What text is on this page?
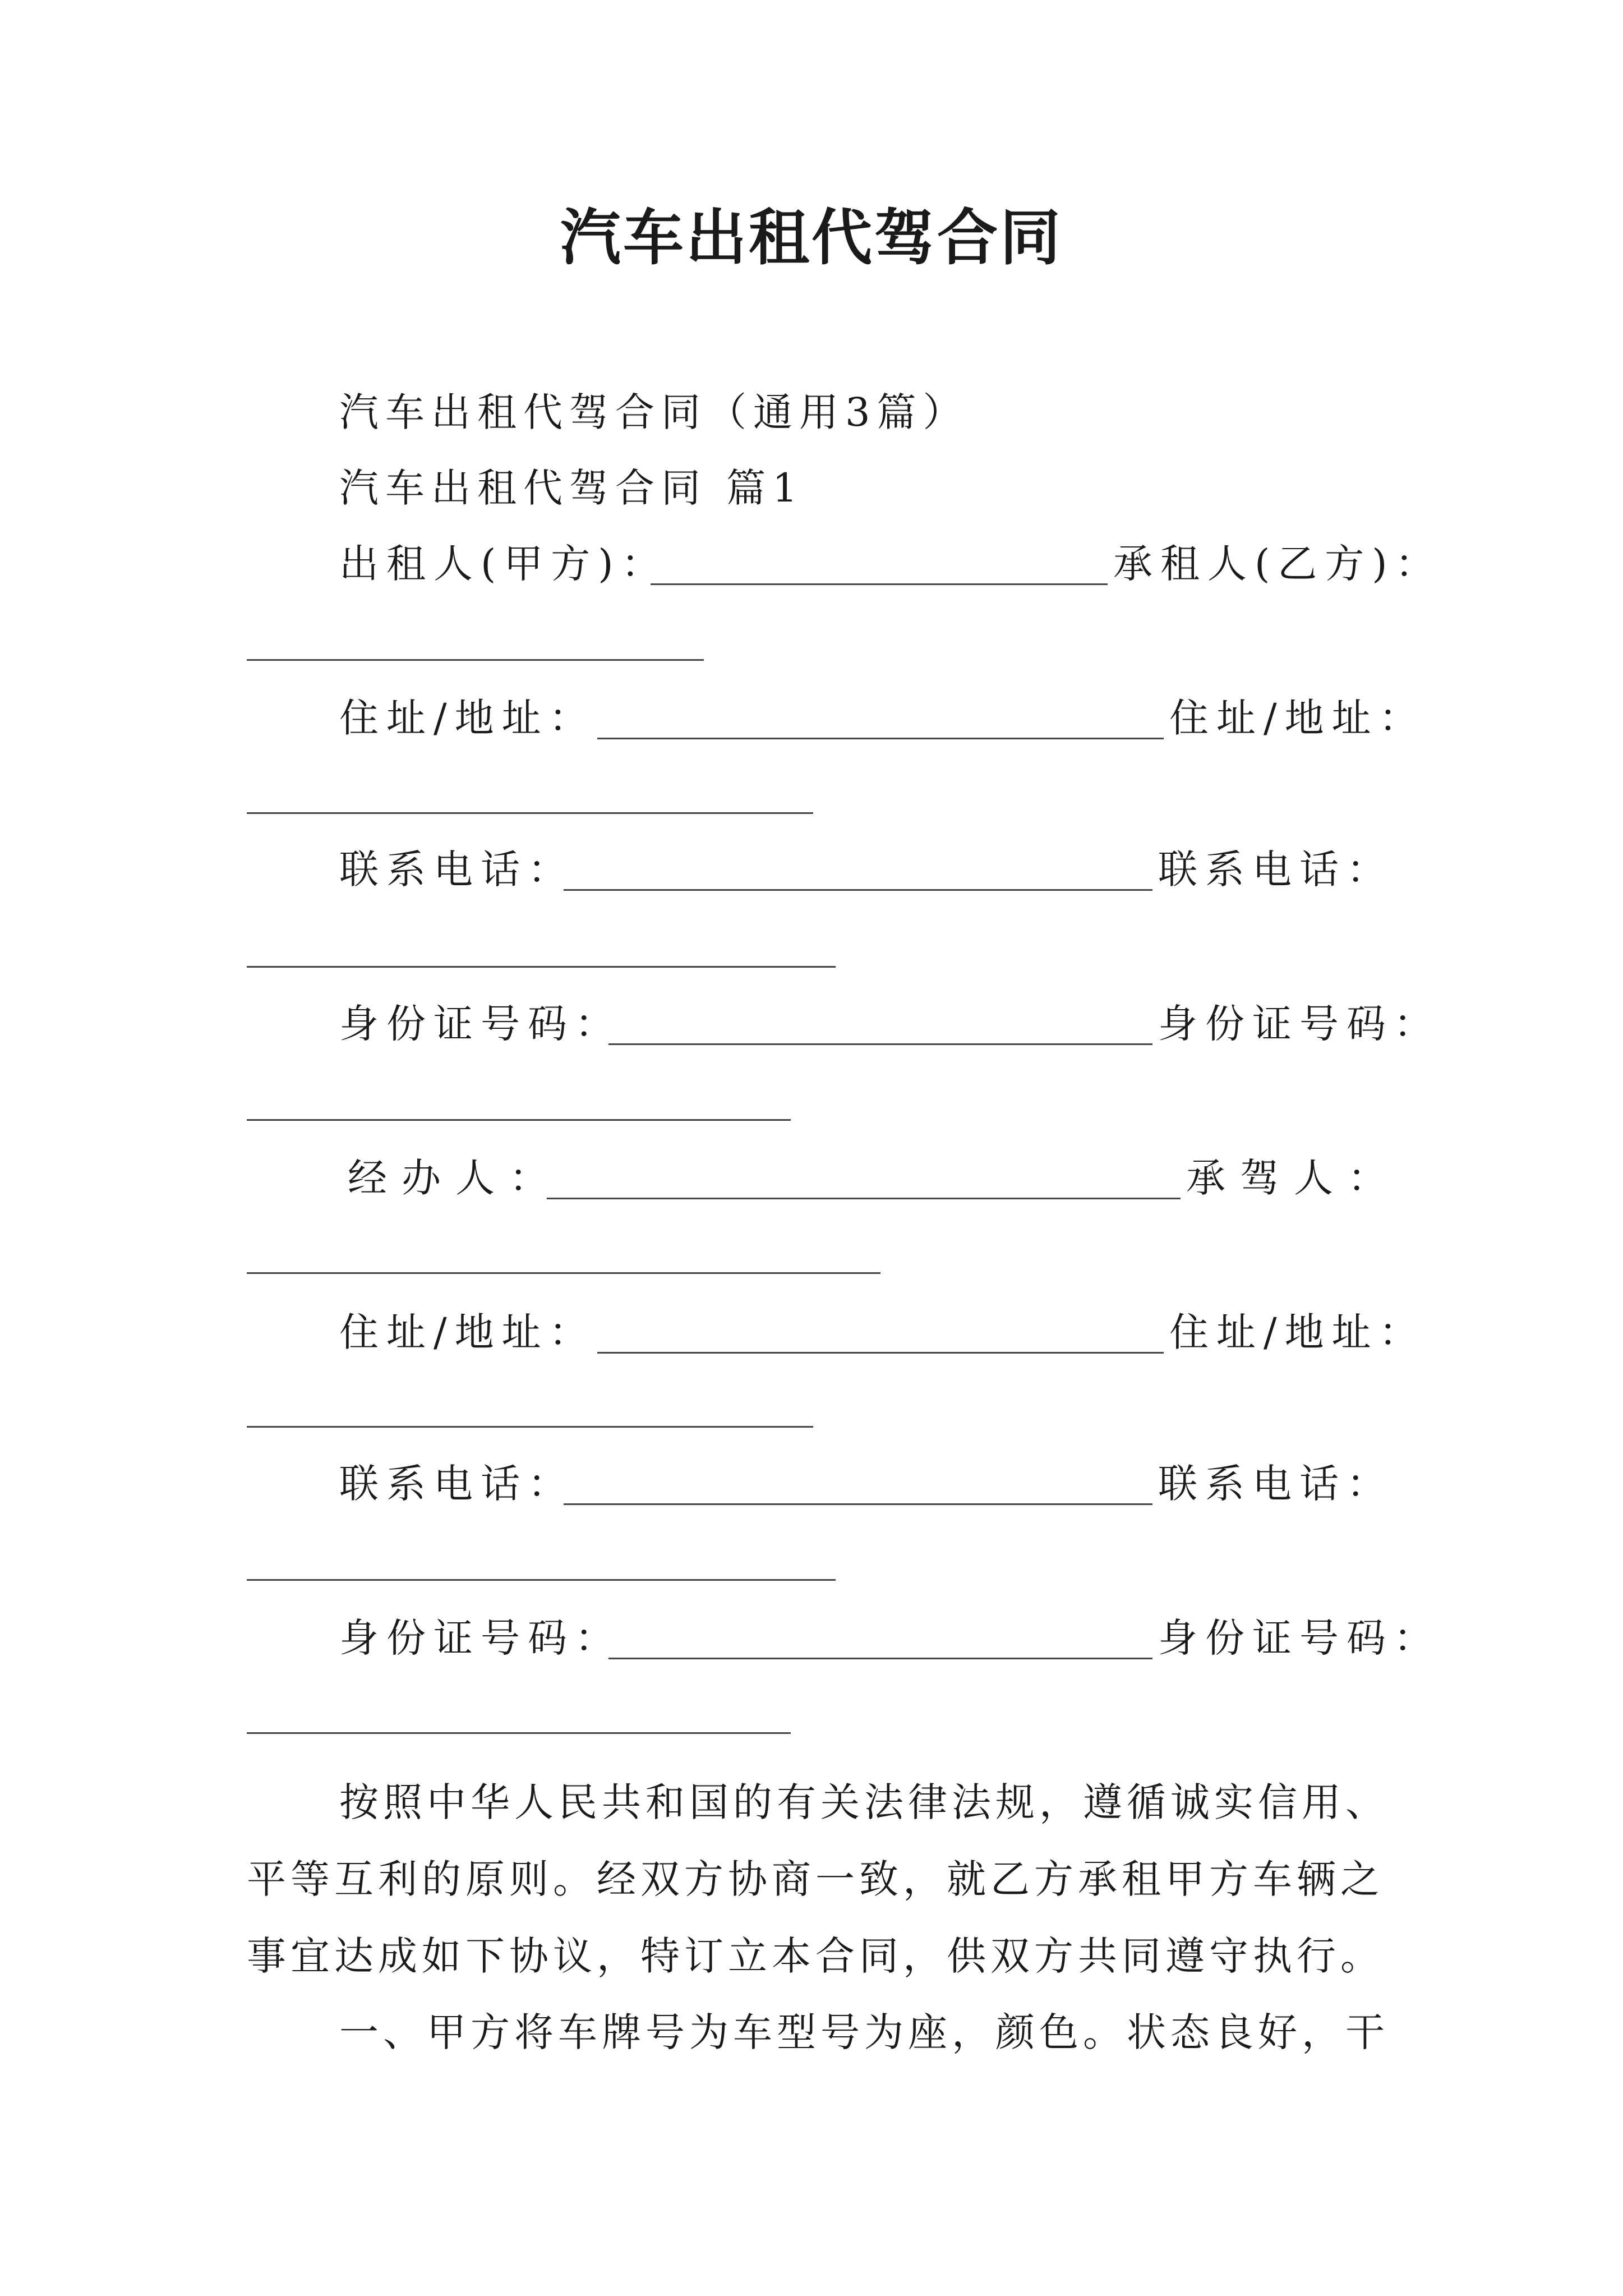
汽车出租代驾合同
汽车出租代驾合同（通用3篇）
汽车出租代驾合同 篇1
出租人(甲方)：	承租人(乙方)：
住址/地址：	住址/地址：
联系电话：	联系电话：
身份证号码：	身份证号码：
经办人：	承驾人：
住址/地址：	住址/地址：
联系电话：	联系电话：
身份证号码：	身份证号码：
按照中华人民共和国的有关法律法规，遵循诚实信用、平等互利的原则。经双方协商一致，就乙方承租甲方车辆之事宜达成如下协议，特订立本合同，供双方共同遵守执行。
一、甲方将车牌号为车型号为座，颜色。状态良好，干
